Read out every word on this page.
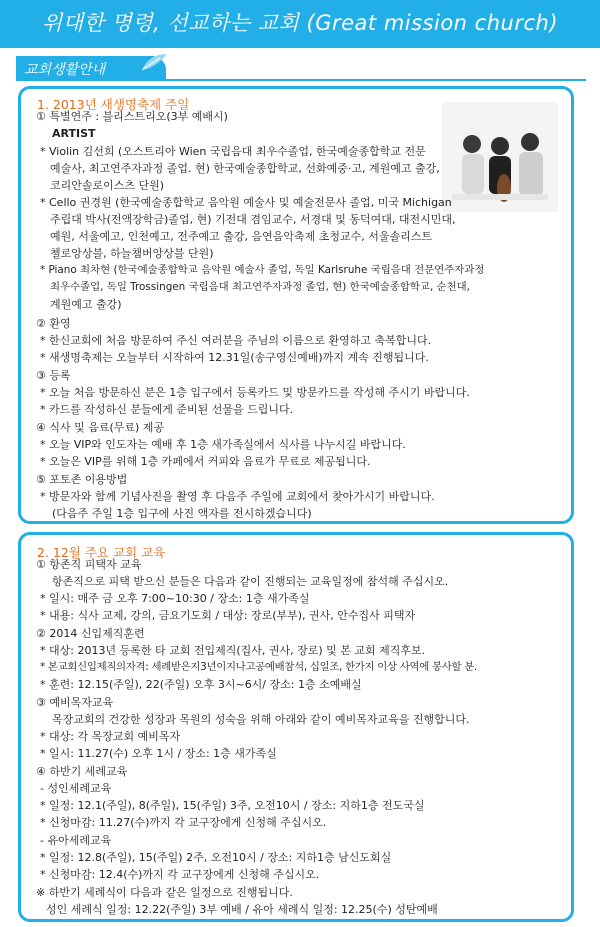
위대한 명령, 선교하는 교회 (Great mission church)
교회생활안내
1. 2013년 새생명축제 주일
① 특별연주 : 블리스트리오(3부 예배시)
ARTIST
* Violin 김선희 (오스트리아 Wien 국립음대 최우수졸업, 한국예술종합학교 전문
예술사, 최고연주자과정 졸업. 현) 한국예술종합학교, 선화예중·고, 계원예고 출강,
코리안솔로이스츠 단원)
* Cello 권경원 (한국예술종합학교 음악원 예술사 및 예술전문사 졸업, 미국 Michigan
주립대 박사(전액장학금)졸업, 현) 기전대 겸임교수, 서경대 및 동덕여대, 대전시민대,
예원, 서울예고, 인천예고, 전주예고 출강, 음연음악축제 초청교수, 서울솔리스트
첼로앙상블, 하늘챔버앙상블 단원)
* Piano 최차현 (한국예술종합학교 음악원 예술사 졸업, 독일 Karlsruhe 국립음대 전문연주자과정
최우수졸업, 독일 Trossingen 국립음대 최고연주자과정 졸업, 현) 한국예술종합학교, 순천대,
계원예고 출강)
② 환영
* 한신교회에 처음 방문하여 주신 여러분을 주님의 이름으로 환영하고 축복합니다.
* 새생명축제는 오늘부터 시작하여 12.31일(송구영신예배)까지 계속 진행됩니다.
③ 등록
* 오늘 처음 방문하신 분은 1층 입구에서 등록카드 및 방문카드를 작성해 주시기 바랍니다.
* 카드를 작성하신 분들에게 준비된 선물을 드립니다.
④ 식사 및 음료(무료) 제공
* 오늘 VIP와 인도자는 예배 후 1층 새가족실에서 식사를 나누시길 바랍니다.
* 오늘은 VIP를 위해 1층 카페에서 커피와 음료가 무료로 제공됩니다.
⑤ 포토존 이용방법
* 방문자와 함께 기념사진을 촬영 후 다음주 주일에 교회에서 찾아가시기 바랍니다.
(다음주 주일 1층 입구에 사진 액자를 전시하겠습니다)
2. 12월 주요 교회 교육
① 항존직 피택자 교육
항존직으로 피택 받으신 분들은 다음과 같이 진행되는 교육일정에 참석해 주십시오.
* 일시: 매주 금 오후 7:00~10:30 / 장소: 1층 새가족실
* 내용: 식사 교제, 강의, 금요기도회 / 대상: 장로(부부), 권사, 안수집사 피택자
② 2014 신입제직훈련
* 대상: 2013년 등록한 타 교회 전입제직(집사, 권사, 장로) 및 본 교회 제직후보.
* 본교회신입제직의자격: 세례받은지3년이지나고공예배참석, 십일조, 한가지 이상 사역에 봉사할 분.
* 훈련: 12.15(주일), 22(주일) 오후 3시~6시/ 장소: 1층 소예배실
③ 예비목자교육
목장교회의 건강한 성장과 목원의 성숙을 위해 아래와 같이 예비목자교육을 진행합니다.
* 대상: 각 목장교회 예비목자
* 일시: 11.27(수) 오후 1시 / 장소: 1층 새가족실
④ 하반기 세례교육
- 성인세례교육
* 일정: 12.1(주일), 8(주일), 15(주일) 3주, 오전10시 / 장소: 지하1층 전도국실
* 신청마감: 11.27(수)까지 각 교구장에게 신청해 주십시오.
- 유아세례교육
* 일정: 12.8(주일), 15(주일) 2주, 오전10시 / 장소: 지하1층 남신도회실
* 신청마감: 12.4(수)까지 각 교구장에게 신청해 주십시오.
※ 하반기 세례식이 다음과 같은 일정으로 진행됩니다.
성인 세례식 일정: 12.22(주일) 3부 예배 / 유아 세례식 일정: 12.25(수) 성탄예배
